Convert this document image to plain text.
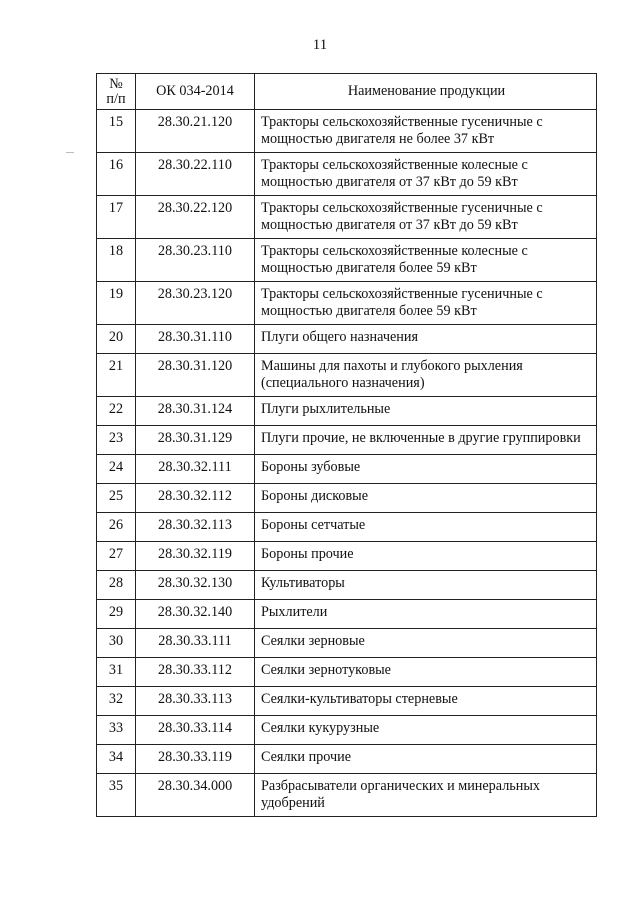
11
№
п/п	ОК 034-2014	Наименование продукции
15	28.30.21.120	Тракторы сельскохозяйственные гусеничные с мощностью двигателя не более 37 кВт
16	28.30.22.110	Тракторы сельскохозяйственные колесные с мощностью двигателя от 37 кВт до 59 кВт
17	28.30.22.120	Тракторы сельскохозяйственные гусеничные с мощностью двигателя от 37 кВт до 59 кВт
18	28.30.23.110	Тракторы сельскохозяйственные колесные с мощностью двигателя более 59 кВт
19	28.30.23.120	Тракторы сельскохозяйственные гусеничные с мощностью двигателя более 59 кВт
20	28.30.31.110	Плуги общего назначения
21	28.30.31.120	Машины для пахоты и глубокого рыхления (специального назначения)
22	28.30.31.124	Плуги рыхлительные
23	28.30.31.129	Плуги прочие, не включенные в другие группировки
24	28.30.32.111	Бороны зубовые
25	28.30.32.112	Бороны дисковые
26	28.30.32.113	Бороны сетчатые
27	28.30.32.119	Бороны прочие
28	28.30.32.130	Культиваторы
29	28.30.32.140	Рыхлители
30	28.30.33.111	Сеялки зерновые
31	28.30.33.112	Сеялки зернотуковые
32	28.30.33.113	Сеялки-культиваторы стерневые
33	28.30.33.114	Сеялки кукурузные
34	28.30.33.119	Сеялки прочие
35	28.30.34.000	Разбрасыватели органических и минеральных удобрений
